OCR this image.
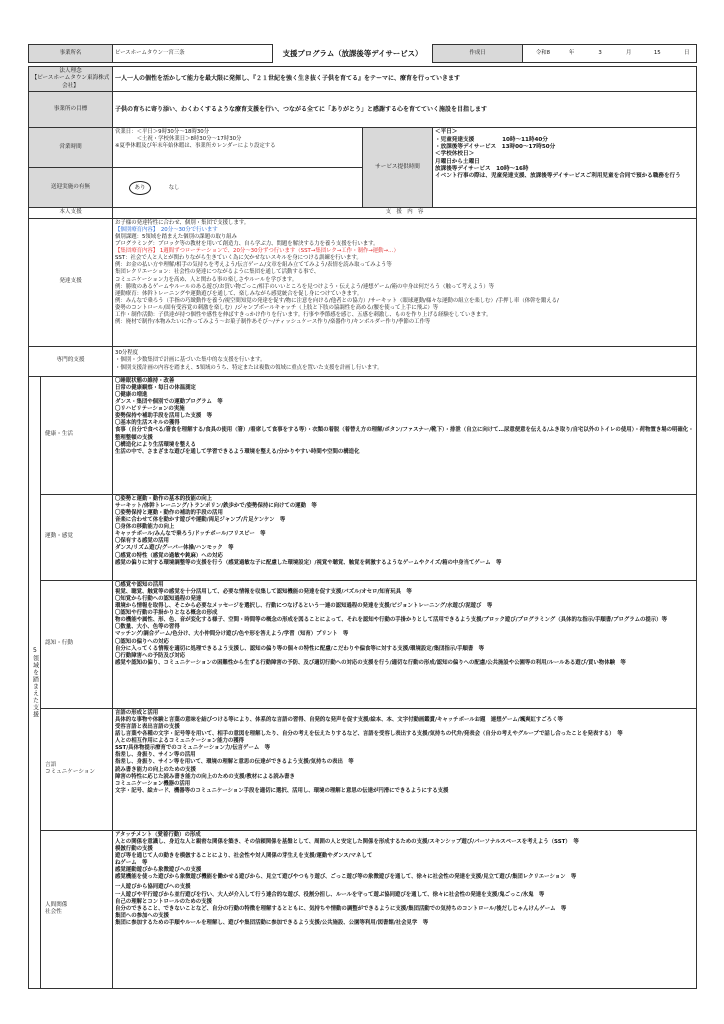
事業所名	ピースホームタウン一宮三条	支援プログラム（放課後等デイサービス）	作成日		令和8	年	3	月	15	日

法人理念
【ピースホームタウン東海株式会社】
	一人一人の個性を活かして能力を最大限に発揮し、『２１世紀を強く生き抜く子供を育てる』をテーマに、療育を行っていきます
事業所の目標	子供の育ちに寄り添い、わくわくするような療育支援を行い、つながる全てに「ありがとう」と感謝する心を育てていく施設を目指します
営業時間	
営業日：＜平日＞9時30分～18時30分
　　　　＜土祝・学校休業日＞8時30分～17時30分
※夏季休暇及び年末年始休暇は、事業所カレンダーにより設定する
	サービス提供時間	
＜平日＞
・児童発達支援　　　　　10時～11時40分
・放課後等デイサービス　13時00～17時50分
＜学校休校日＞
月曜日から土曜日
放課後等デイサービス　10時～16時
イベント行事の際は、児童発達支援、放課後等デイサービスご利用児童を合同で預かる職務を行う

送迎実施の有無	あり	なし
本人支援	支　援　内　容
発達支援	
お子様の発達特性に合わせ、個別・集団で支援します。
【個別療育内容】　20分～30分で行います
個別課題：5領域を踏まえた個別の課題の取り組み
プログラミング：ブロック等の教材を用いて創造力、自ら学ぶ力、問題を解決する力を養う支援を行います。
【集団療育内容】 1週間ずつローテーションで、20分～30分ずつ行います（SST→集団レク→工作・制作→運動→…）
SST：社会で人と人とが関わりながら生きていく為に欠かせないスキルを身につける訓練を行います。
例：お金の払い方や理解/相手の気持ちを考えよう/伝言ゲーム/文章を組み立ててみよう/表情を読み取ってみよう等
集団レクリエーション：社会性の発達につながるように集団を通して活動する事で、
コミュニケーション力を高め、人と関わる事の楽しさやルールを学びます。
例：勝敗のあるゲームやルールのある遊び/お買い物ごっこ/相手のいいところを見つけよう・伝えよう/連想ゲーム/箱の中身は何だろう（触って考えよう）等
運動療育：体幹トレーニングや運動遊びを通して、楽しみながら感覚統合を促し身につけていきます。
例：みんなで乗ろう（手指の巧緻動作を養う/視空間知覚の発達を促す/物に注意を向ける/他者との協力）/サーキット（眼球運動/様々な運動の組立を楽しむ）/手押し車（体幹を鍛える/
姿勢のコントロール/固有受容覚の刺激を楽しむ）/ジャンプボールキャッチ（上肢と下肢の協調性を高める/腰を使って上手に飛ぶ）等
工作・制作活動：子供達が持つ個性や感性を伸ばすきっかけ作りを行います。行事や季節感を感じ、五感を刺激し、ものを作り上げる経験をしていきます。
例：廃材で制作/本物みたいに作ってみよう～お菓子制作あそび～/ティッシュケース作り/楽器作り/キンボルダー作り/季節の工作等

専門的支援	
30分程度
・個別・少数集団で計画に基づいた集中的な支援を行います。
・個別支援計画の内容を踏まえ、5領域のうち、特定または複数の領域に重点を置いた支援を計画し行います。

5領域を踏まえた支援	健康・生活	
〇睡眠状態の維持・改善
日常の健康観察・毎日の体温測定
〇健康の増進
ダンス・集団や個別での運動プログラム　等
〇リハビリテーションの実施
姿勢保持や補助手段を活用した支援　等
〇基本的生活スキルの獲得
食事（自分で食べる/箸食を理解する/食具の使用（箸）/着席して食事をする等）・衣類の着脱（着替え方の理解/ボタン/ファスナー/靴下）・排泄（自立に向けて…尿意便意を伝える/ふき取り/自宅以外のトイレの使用）・荷物置き場の明確化・整理整頓の支援
〇構造化により生活環境を整える
生活の中で、さまざまな遊びを通して学習できるよう環境を整える/分かりやすい時間や空間の構造化

運動・感覚	
〇姿勢と運動・動作の基本的技能の向上
サーキット/体幹トレーニング/トランポリン/鉄歩かで/姿勢保持に向けての運動　等
〇姿勢保持と運動・動作の補助的手段の活用
音楽に合わせて体を動かす遊びや運動/両足ジャンプ/片足ケンケン　等
〇身体の移動能力の向上
キャッチボール/みんなで乗ろう/ドッチボール/フリスビー　等
〇保有する感覚の活用
ダンス/リズム遊び/グーパー体操/ハンモック　等
〇感覚の特性（感覚の過敏や鈍麻）への対応
感覚の偏りに対する環境調整等の支援を行う（感覚過敏な子に配慮した環境設定）/視覚や聴覚、触覚を刺激するようなゲームやクイズ/箱の中身当てゲーム　等

認知・行動	
〇感覚や認知の活用
視覚、聴覚、触覚等の感覚を十分活用して、必要な情報を収集して認知機能の発達を促す支援/パズル/オセロ/知育玩具　等
〇知覚から行動への認知過程の発達
環境から情報を取得し、そこから必要なメッセージを選択し、行動につなげるという一連の認知過程の発達を支援/ビジョントレーニング/水遊び/泥遊び　等
〇認知や行動の手掛かりとなる概念の形成
物の機能や属性、形、色、音が変化する様子、空間・時間等の概念の形成を図ることによって、それを認知や行動の手掛かりとして活用できるよう支援/ブロック遊び/プログラミング（具体的な指示/手順書/プログラムの提示）等
〇数量、大小、色等の習得
マッチング/調合ゲーム/色分け、大小仲間分け遊び/色や形を答えよう/学習（知育）プリント　等
〇認知の偏りへの対応
自分に入ってくる情報を適切に処理できるよう支援し、認知の偏り等の個々の特性に配慮/こだわりや偏食等に対する支援/環境設定/集団指示/手順書　等
〇行動障害への予防及び対応
感覚や認知の偏り、コミュニケーションの困難性から生ずる行動障害の予防、及び適切行動への対応の支援を行う/適切な行動の形成/認知の偏りへの配慮/公共施設や公園等の利用/ルールある遊び/買い物体験　等

言語
コミュニケーション	
言語の形成と活用
具体的な事物や体験と言葉の意味を結びつける等により、体系的な言語の習得、自発的な発声を促す支援/絵本、本、文字付動画鑑賞/キャッチボールお題　連想ゲーム/颯爽紅すごろく等
受容言語と表出言語の支援
話し言葉や各種の文字・記号等を用いて、相手の意図を理解したり、自分の考えを伝えたりするなど、言語を受容し表出する支援/気持ちの代弁/発表会（自分の考えやグループで話し合ったことを発表する）　等
人との相互作用によるコミュニケーション能力の獲得
SST/具体物提示療育でのコミュニケーション力/伝言ゲーム　等
指差し、身振り、サイン等の活用
指差し、身振り、サイン等を用いて、環境の理解と意思の伝達ができるよう支援/気持ちの表出　等
読み書き能力の向上のための支援
障害の特性に応じた読み書き能力の向上のための支援/教材による読み書き
コミュニケーション機器の活用
文字・記号、絵カード、機器等のコミュニケーション手段を適切に選択、活用し、環境の理解と意思の伝達が円滑にできるようにする支援

人間関係
社会性	
アタッチメント（愛着行動）の形成
人との関係を意識し、身近な人と親密な関係を築き、その信頼関係を基盤として、周囲の人と安定した関係を形成するための支援/スキンシップ遊び/パーソナルスペースを考えよう（SST）　等
模倣行動の支援
遊び等を通じて人の動きを模倣することにより、社会性や対人関係の芽生えを支援/運動やダンス/マネして
ねゲーム　等
感覚運動遊びから象徴遊びへの支援
感覚機能を使った遊びから象徴遊び機能を働かせる遊びから、見立て遊びやつもり遊び、ごっこ遊び等の象徴遊びを通して、徐々に社会性の発達を支援/見立て遊び/集団レクリエーション　等
一人遊びから協同遊びへの支援
一人遊びや平行遊びから並行遊びを行い、大人が介入して行う連合的な遊び、役割分担し、ルールを守って遊ぶ協同遊びを通して、徐々に社会性の発達を支援/鬼ごっこ/氷鬼　等
自己の理解とコントロールのための支援
自分のできること、できないことなど、自分の行動の特徴を理解するとともに、気持ちや情動の調整ができるように支援/集団活動での気持ちのコントロール/後だしじゃんけんゲーム　等
集団への参加への支援
集団に参加するための手順やルールを理解し、遊びや集団活動に参加できるよう支援/公共施設、公園等利用/図書館/社会見学　等
